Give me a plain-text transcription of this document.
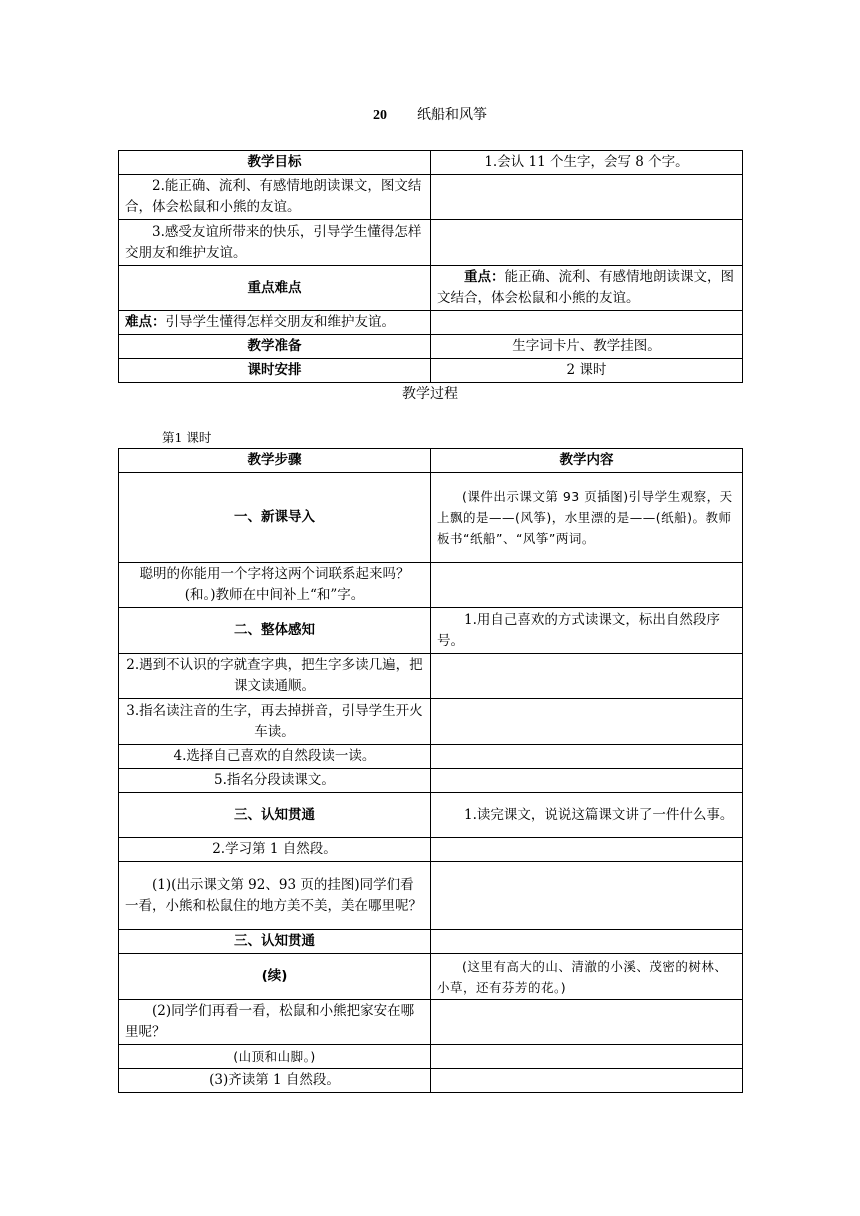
20 纸船和风筝
教学目标	1.会认 11 个生字，会写 8 个字。
2.能正确、流利、有感情地朗读课文，图文结合，体会松鼠和小熊的友谊。	
3.感受友谊所带来的快乐，引导学生懂得怎样交朋友和维护友谊。	
重点难点	重点：能正确、流利、有感情地朗读课文，图文结合，体会松鼠和小熊的友谊。
难点：引导学生懂得怎样交朋友和维护友谊。	
教学准备	生字词卡片、教学挂图。
课时安排	2 课时
教学过程
第1 课时
教学步骤	教学内容
一、新课导入	(课件出示课文第 93 页插图)引导学生观察，天上飘的是——(风筝)，水里漂的是——(纸船)。教师板书“纸船”、“风筝”两词。
聪明的你能用一个字将这两个词联系起来吗？(和。)教师在中间补上“和”字。	
二、整体感知	1.用自己喜欢的方式读课文，标出自然段序号。
2.遇到不认识的字就查字典，把生字多读几遍，把课文读通顺。	
3.指名读注音的生字，再去掉拼音，引导学生开火车读。	
4.选择自己喜欢的自然段读一读。	
5.指名分段读课文。	
三、认知贯通	1.读完课文，说说这篇课文讲了一件什么事。
2.学习第 1 自然段。	
(1)(出示课文第 92、93 页的挂图)同学们看一看，小熊和松鼠住的地方美不美，美在哪里呢？	
三、认知贯通	
(续)	(这里有高大的山、清澈的小溪、茂密的树林、小草，还有芬芳的花。)
(2)同学们再看一看，松鼠和小熊把家安在哪里呢？	
(山顶和山脚。)	
(3)齐读第 1 自然段。	
